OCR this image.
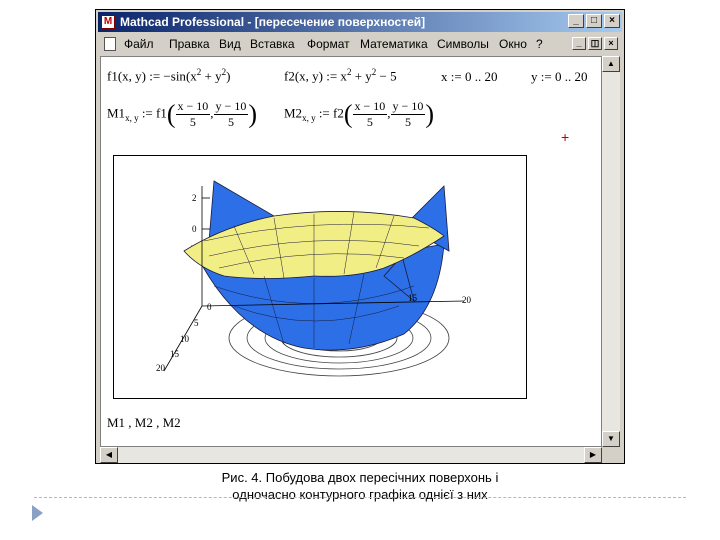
M Mathcad Professional - [пересечение поверхностей]	_	□	×
Файл Правка Вид Вставка Формат Математика Символы Окно ?	_	◫	×
f1(x, y) := $-\sin(x^2 + y^2)$	f2(x, y) := $x^2 + y^2 - 5$	x := 0 .. 20	y := 0 .. 20
$M1_{x, y}$ := $f1( \frac{x - 10}{5}$ , $\frac{y - 10}{5}$ ) $M2_{x, y}$ := $f2( \frac{x - 10}{5}$ , $\frac{y - 10}{5}$ )
+
2
0
0
5
10
15
20
15	20
M1 , M2 , M2
▲
▼
◀	▶
Рис. 4. Побудова двох пересічних поверхонь і
одночасно контурного графіка однієї з них
